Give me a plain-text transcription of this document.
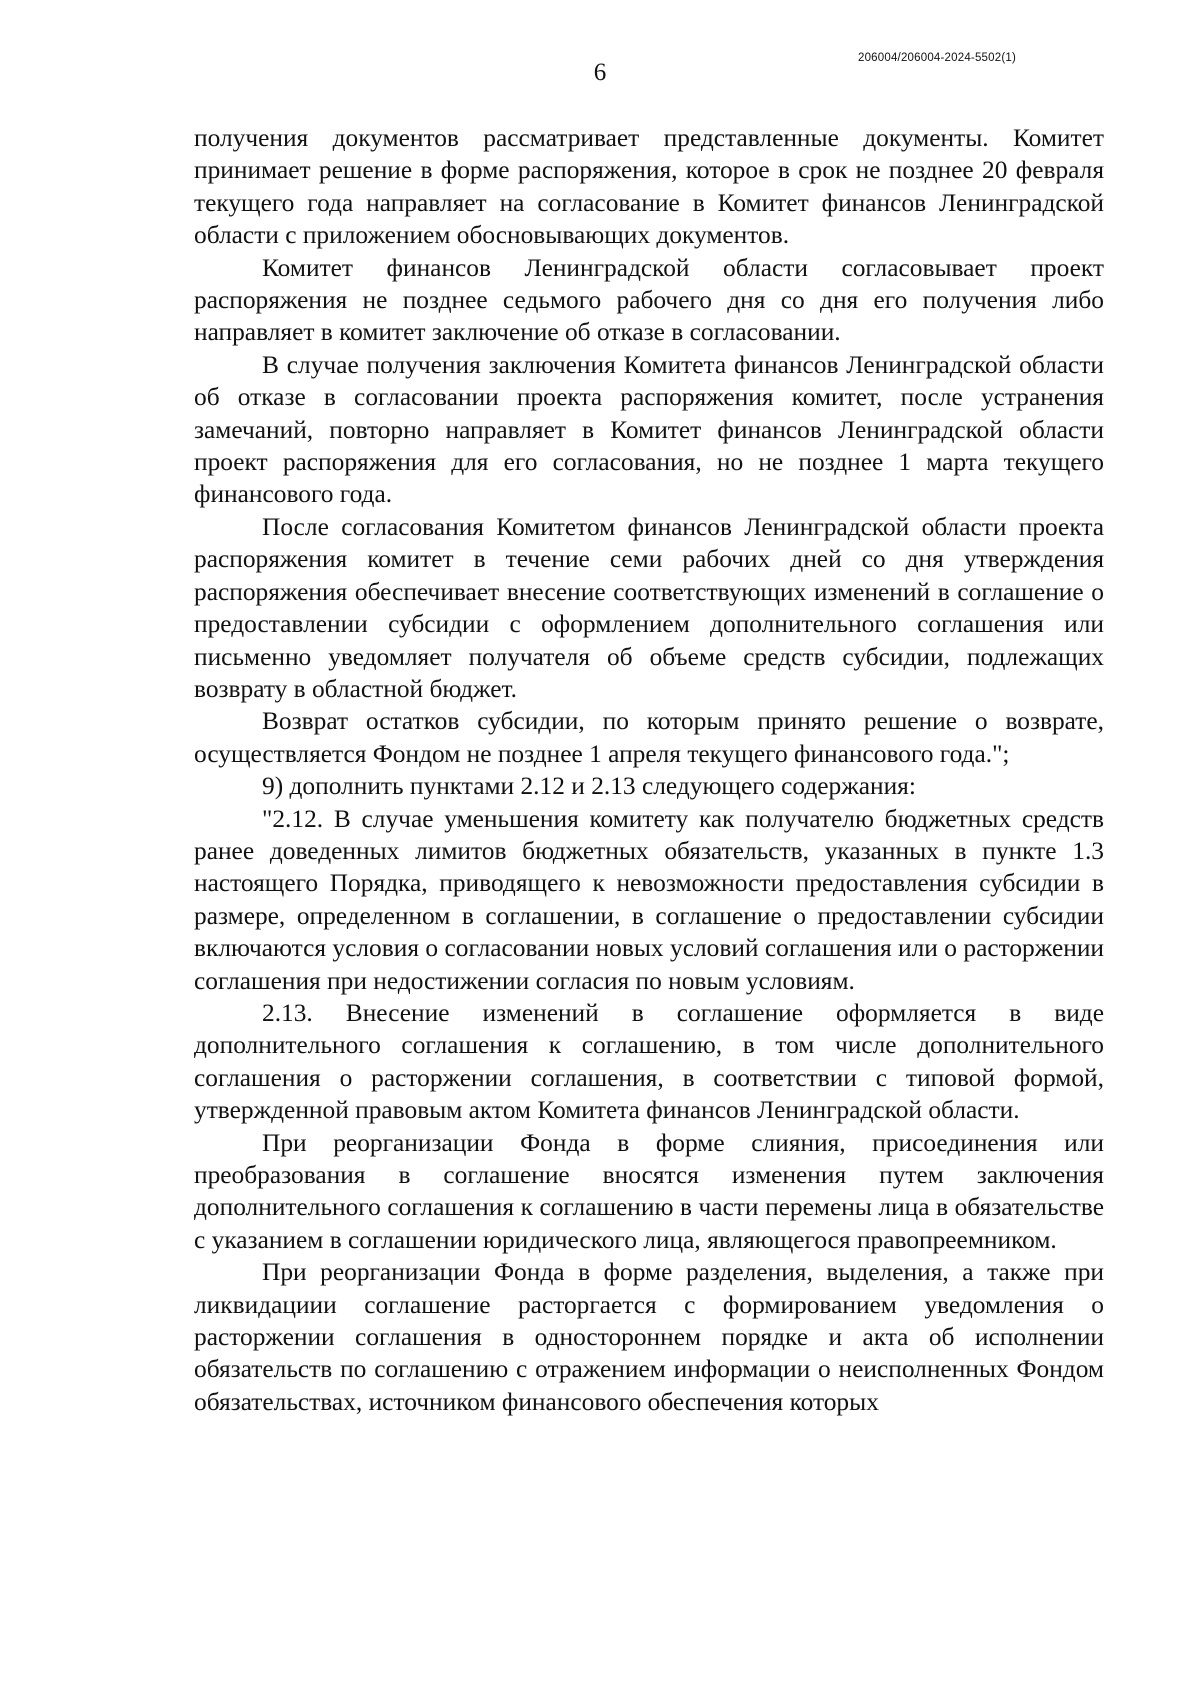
6
206004/206004-2024-5502(1)

получения документов рассматривает представленные документы. Комитет принимает решение в форме распоряжения, которое в срок не позднее 20 февраля текущего года направляет на согласование в Комитет финансов Ленинградской области с приложением обосновывающих документов.

Комитет финансов Ленинградской области согласовывает проект распоряжения не позднее седьмого рабочего дня со дня его получения либо направляет в комитет заключение об отказе в согласовании.

В случае получения заключения Комитета финансов Ленинградской области об отказе в согласовании проекта распоряжения комитет, после устранения замечаний, повторно направляет в Комитет финансов Ленинградской области проект распоряжения для его согласования, но не позднее 1 марта текущего финансового года.

После согласования Комитетом финансов Ленинградской области проекта распоряжения комитет в течение семи рабочих дней со дня утверждения распоряжения обеспечивает внесение соответствующих изменений в соглашение о предоставлении субсидии с оформлением дополнительного соглашения или письменно уведомляет получателя об объеме средств субсидии, подлежащих возврату в областной бюджет.

Возврат остатков субсидии, по которым принято решение о возврате, осуществляется Фондом не позднее 1 апреля текущего финансового года.";

9) дополнить пунктами 2.12 и 2.13 следующего содержания:

"2.12. В случае уменьшения комитету как получателю бюджетных средств ранее доведенных лимитов бюджетных обязательств, указанных в пункте 1.3 настоящего Порядка, приводящего к невозможности предоставления субсидии в размере, определенном в соглашении, в соглашение о предоставлении субсидии включаются условия о согласовании новых условий соглашения или о расторжении соглашения при недостижении согласия по новым условиям.

2.13. Внесение изменений в соглашение оформляется в виде дополнительного соглашения к соглашению, в том числе дополнительного соглашения о расторжении соглашения, в соответствии с типовой формой, утвержденной правовым актом Комитета финансов Ленинградской области.

При реорганизации Фонда в форме слияния, присоединения или преобразования в соглашение вносятся изменения путем заключения дополнительного соглашения к соглашению в части перемены лица в обязательстве с указанием в соглашении юридического лица, являющегося правопреемником.

При реорганизации Фонда в форме разделения, выделения, а также при ликвидациии соглашение расторгается с формированием уведомления о расторжении соглашения в одностороннем порядке и акта об исполнении обязательств по соглашению с отражением информации о неисполненных Фондом обязательствах, источником финансового обеспечения которых
